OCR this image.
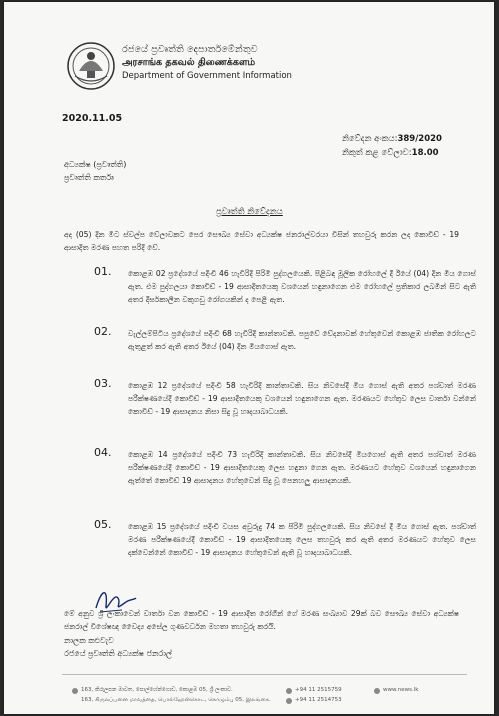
රජයේ ප්‍රවෘත්ති දෙපාර්තමේන්තුව
அரசாங்க தகவல் திணைக்களம்
Department of Government Information
2020.11.05
නිවේදන අංකය:389/2020
නිකුත් කළ වේලාව:18.00
අධ්‍යක්ෂ (ප්‍රවෘත්ති)
ප්‍රවෘත්ති කර්තෘ
ප්‍රවෘත්ති නිවේදනය
අද (05) දින මීට ස්වල්ප වේලාවකට පෙර සෞඛ්‍ය සේවා අධ්‍යක්ෂ ජනරාල්වරයා විසින් තහවුරු කරන ලද කොවිඩ් - 19 ආසාදිත මරණ පහත පරිදි වේ.
01. කොළඹ 02 ප්‍රදේශයේ පදිංචි 46 හැවිරිදි පිරිමි පුද්ගලයෙකි. පිළිබඳ මූලික රෝහලේ දී ඊයේ (04) දින මිය ගොස් ඇත. එම පුද්ගලයා කොවිඩ් - 19 ආසාදිතයෙකු වශයෙන් හඳුනාගෙන එම රෝහලේ ප්‍රතිකාර ලබමින් සිට ඇති අතර දීර්ඝකාලීන වකුගඩු රෝගයකින් ද පෙළී ඇත.
02. වැල්ලම්පිටිය ප්‍රදේශයේ පදිංචි 68 හැවිරිදි කාන්තාවකි. පපුවේ වේදනාවක් හේතුවෙන් කොළඹ ජාතික රෝහලට ඇතුළත් කර ඇති අතර ඊයේ (04) දින මියගොස් ඇත.
03. කොළඹ 12 ප්‍රදේශයේ පදිංචි 58 හැවිරිදි කාන්තාවකි. සිය නිවසේදී මිය ගොස් ඇති අතර පශ්චාත් මරණ පරීක්ෂණයේදී කොවිඩ් - 19 ආසාදිතයෙකු වශයෙන් හඳුනාගෙන ඇත. මරණයට හේතුව ලෙස වාර්තා වන්නේ කොවිඩ් - 19 ආසාදනය නිසා සිදු වූ හෘදයාබාධයකි.
04. කොළඹ 14 ප්‍රදේශයේ පදිංචි 73 හැවිරිදි කාන්තාවකි. සිය නිවසේදී මියගොස් ඇති අතර පශ්චාත් මරණ පරීක්ෂණයේදී කොවිඩ් - 19 ආසාදිතයෙකු ලෙස හඳුනා ගෙන ඇත. මරණයට හේතුව වශයෙන් හඳුනාගෙන ඇත්තේ කොවිඩ් 19 ආසාදනය හේතුවෙන් සිදු වූ පෙනහලු ආසාදනයකි.
05. කොළඹ 15 ප්‍රදේශයේ පදිංචි වයස අවුරුදු 74 ක පිරිමි පුද්ගලයෙකි. සිය නිවසේ දී මිය ගොස් ඇත. පශ්චාත් මරණ පරීක්ෂණයේදී කොවිඩ් - 19 ආසාදිතයෙකු ලෙස තහවුරු කර ඇති අතර මරණයට හේතුව ලෙස දක්වෙන්නේ කොවිඩ් - 19 ආසාදනය හේතුවෙන් ඇති වූ හෘදයාබාධයකි.
මේ අනුව ශ්‍රී ලංකාවෙන් වාර්තා වන කොවිඩ් - 19 ආසාදිත රෝගීන් ගේ මරණ සංඛ්‍යාව 29ක් බව සෞඛ්‍ය සේවා අධ්‍යක්ෂ ජනරාල් විශේෂඥ වෛද්‍ය අසේල ගුණවර්ධන මහතා තහවුරු කරයි.
නාලක කළුවැව
රජයේ ප්‍රවෘත්ති අධ්‍යක්ෂ ජනරාල්
163, කිරුලපන මාවත, පොල්හේන්ගොඩ, කොළඹ 05, ශ්‍රී ලංකාව.
163, கிருலப்பனை மாவத்தை, பொல்ஹேன்கொட, கொழும்பு 05, இலங்கை.
+94 11 2515759
+94 11 2514753
www.news.lk
